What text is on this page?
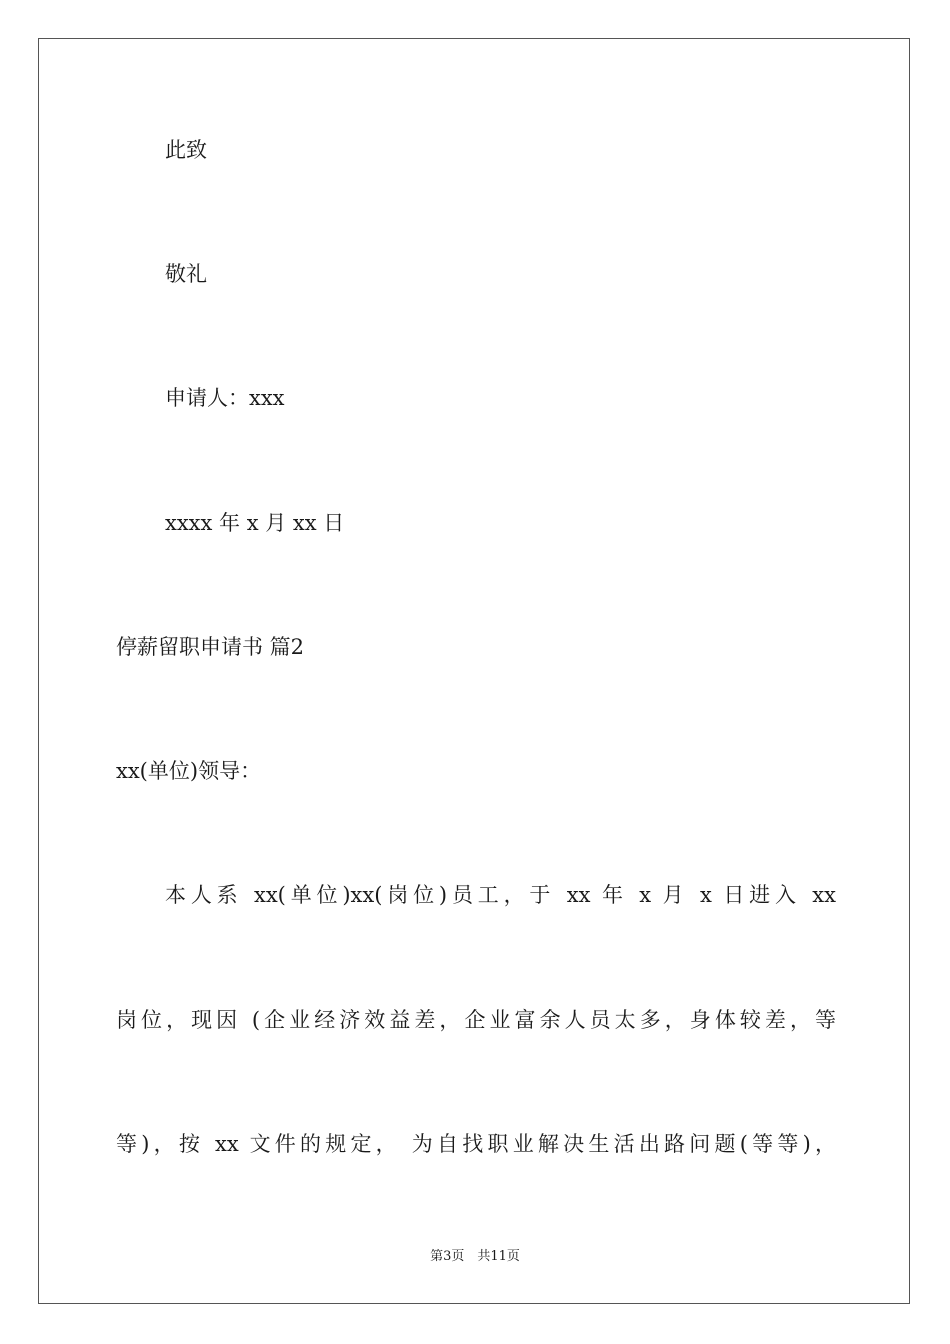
此致

敬礼

申请人：xxx

xxxx 年 x 月 xx 日

停薪留职申请书 篇2

xx(单位)领导：

本人系 xx(单位)xx(岗位)员工，于 xx 年 x 月 x 日进入 xx

岗位，现因 (企业经济效益差，企业富余人员太多，身体较差，等

等)，按 xx 文件的规定， 为自找职业解决生活出路问题(等等)，

第3页　共11页
